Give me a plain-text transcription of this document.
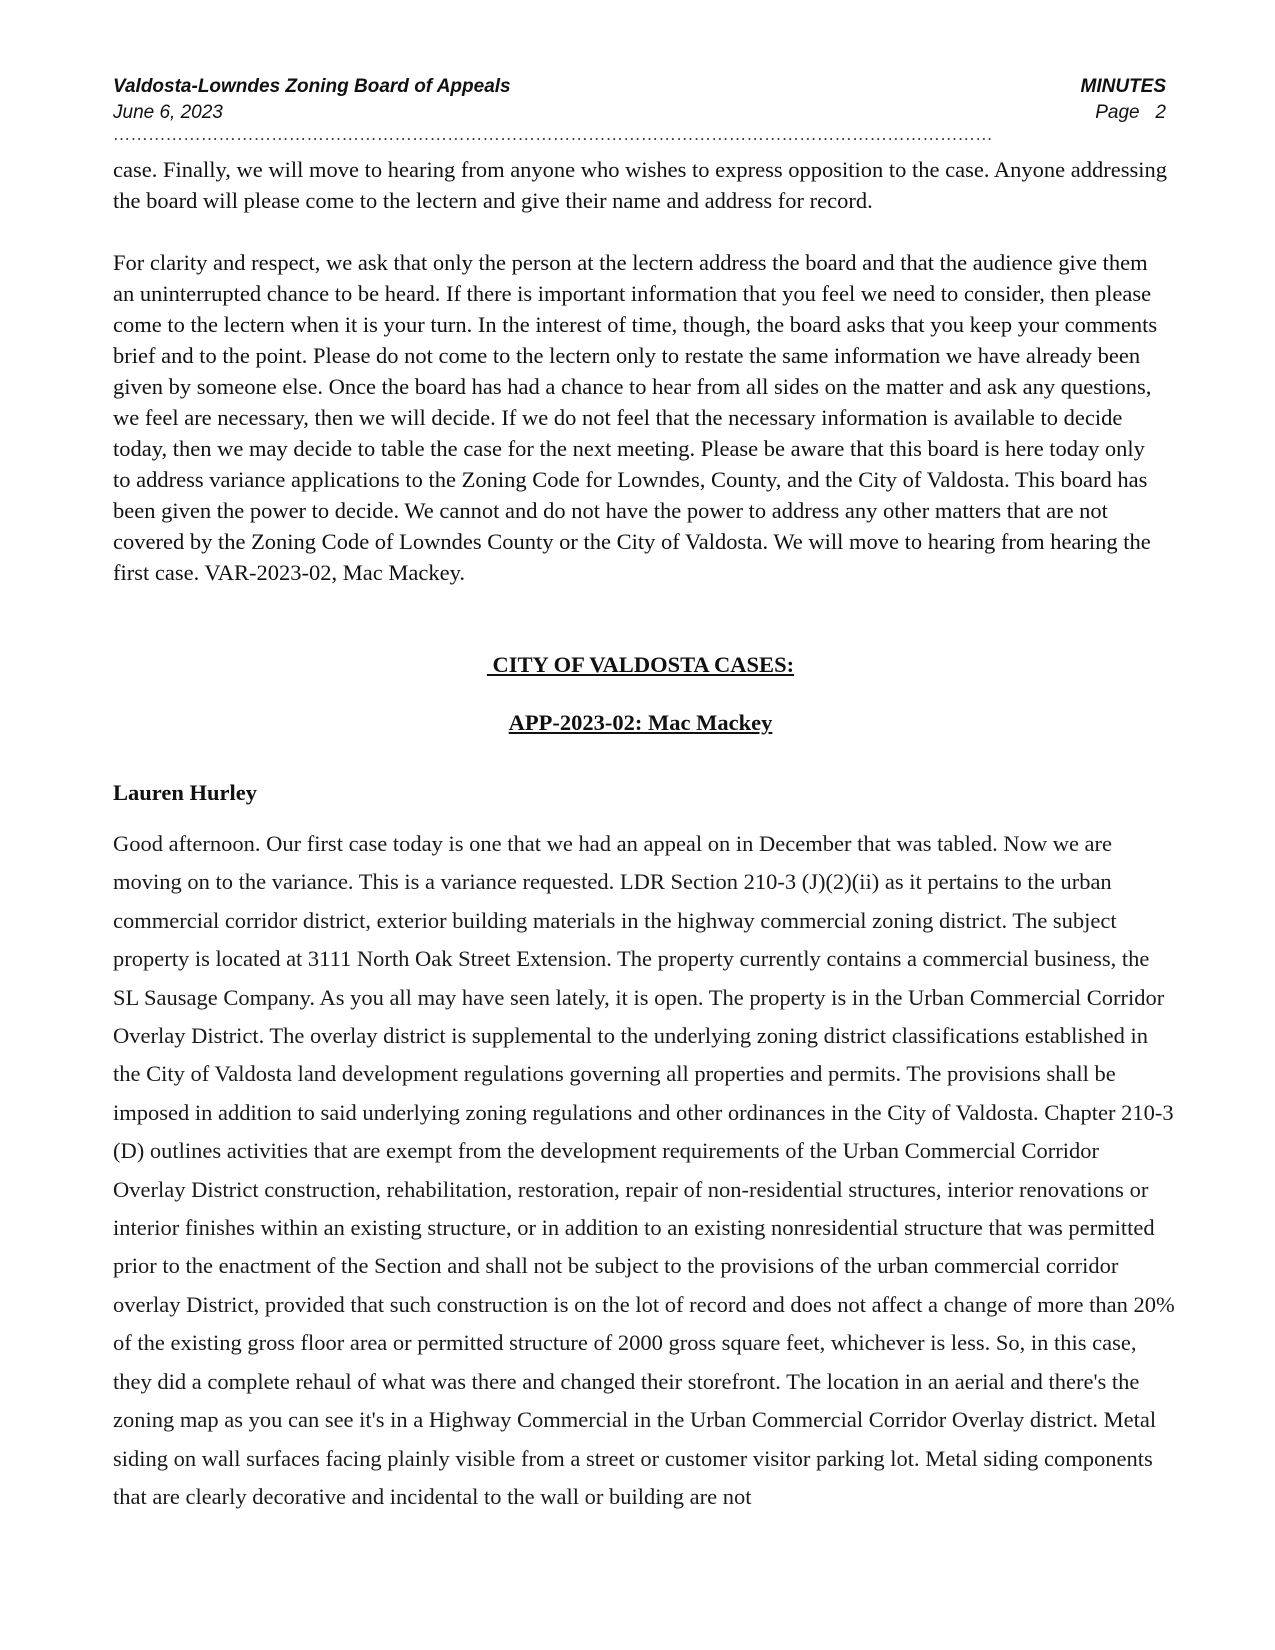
Valdosta-Lowndes Zoning Board of Appeals	MINUTES
June 6, 2023	Page   2
……………………………………………………………………………………………………………………………………

case. Finally, we will move to hearing from anyone who wishes to express opposition to the case. Anyone addressing the board will please come to the lectern and give their name and address for record.

For clarity and respect, we ask that only the person at the lectern address the board and that the audience give them an uninterrupted chance to be heard. If there is important information that you feel we need to consider, then please come to the lectern when it is your turn. In the interest of time, though, the board asks that you keep your comments brief and to the point. Please do not come to the lectern only to restate the same information we have already been given by someone else. Once the board has had a chance to hear from all sides on the matter and ask any questions, we feel are necessary, then we will decide. If we do not feel that the necessary information is available to decide today, then we may decide to table the case for the next meeting. Please be aware that this board is here today only to address variance applications to the Zoning Code for Lowndes, County, and the City of Valdosta. This board has been given the power to decide. We cannot and do not have the power to address any other matters that are not covered by the Zoning Code of Lowndes County or the City of Valdosta. We will move to hearing from hearing the first case. VAR-2023-02, Mac Mackey.

CITY OF VALDOSTA CASES:
APP-2023-02: Mac Mackey
Lauren Hurley

Good afternoon. Our first case today is one that we had an appeal on in December that was tabled. Now we are moving on to the variance. This is a variance requested. LDR Section 210-3 (J)(2)(ii) as it pertains to the urban commercial corridor district, exterior building materials in the highway commercial zoning district. The subject property is located at 3111 North Oak Street Extension. The property currently contains a commercial business, the SL Sausage Company. As you all may have seen lately, it is open. The property is in the Urban Commercial Corridor Overlay District. The overlay district is supplemental to the underlying zoning district classifications established in the City of Valdosta land development regulations governing all properties and permits. The provisions shall be imposed in addition to said underlying zoning regulations and other ordinances in the City of Valdosta. Chapter 210-3 (D) outlines activities that are exempt from the development requirements of the Urban Commercial Corridor Overlay District construction, rehabilitation, restoration, repair of non-residential structures, interior renovations or interior finishes within an existing structure, or in addition to an existing nonresidential structure that was permitted prior to the enactment of the Section and shall not be subject to the provisions of the urban commercial corridor overlay District, provided that such construction is on the lot of record and does not affect a change of more than 20% of the existing gross floor area or permitted structure of 2000 gross square feet, whichever is less. So, in this case, they did a complete rehaul of what was there and changed their storefront. The location in an aerial and there's the zoning map as you can see it's in a Highway Commercial in the Urban Commercial Corridor Overlay district. Metal siding on wall surfaces facing plainly visible from a street or customer visitor parking lot. Metal siding components that are clearly decorative and incidental to the wall or building are not
